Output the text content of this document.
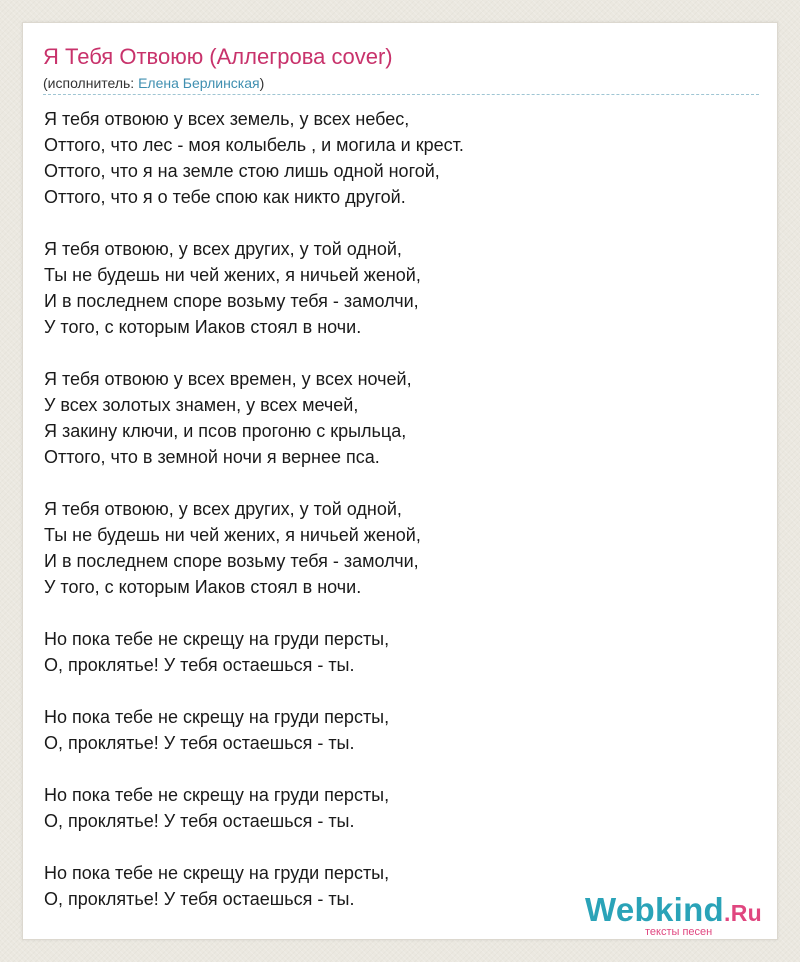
Я Тебя Отвоюю (Аллегрова cover)
(исполнитель: Елена Берлинская)
Я тебя отвоюю у всех земель, у всех небес,
Оттого, что лес - моя колыбель , и могила и крест.
Оттого, что я на земле стою лишь одной ногой,
Оттого, что я о тебе спою как никто другой.
Я тебя отвоюю, у всех других, у той одной,
Ты не будешь ни чей жених, я ничьей женой,
И в последнем споре возьму тебя - замолчи,
У того, с которым Иаков стоял в ночи.
Я тебя отвоюю у всех времен, у всех ночей,
У всех золотых знамен, у всех мечей,
Я закину ключи, и псов прогоню с крыльца,
Оттого, что в земной ночи я вернее пса.
Я тебя отвоюю, у всех других, у той одной,
Ты не будешь ни чей жених, я ничьей женой,
И в последнем споре возьму тебя - замолчи,
У того, с которым Иаков стоял в ночи.
Но пока тебе не скрещу на груди персты,
О, проклятье! У тебя остаешься - ты.
Но пока тебе не скрещу на груди персты,
О, проклятье! У тебя остаешься - ты.
Но пока тебе не скрещу на груди персты,
О, проклятье! У тебя остаешься - ты.
Но пока тебе не скрещу на груди персты,
О, проклятье! У тебя остаешься - ты.	Webkind.Ru
тексты песен
